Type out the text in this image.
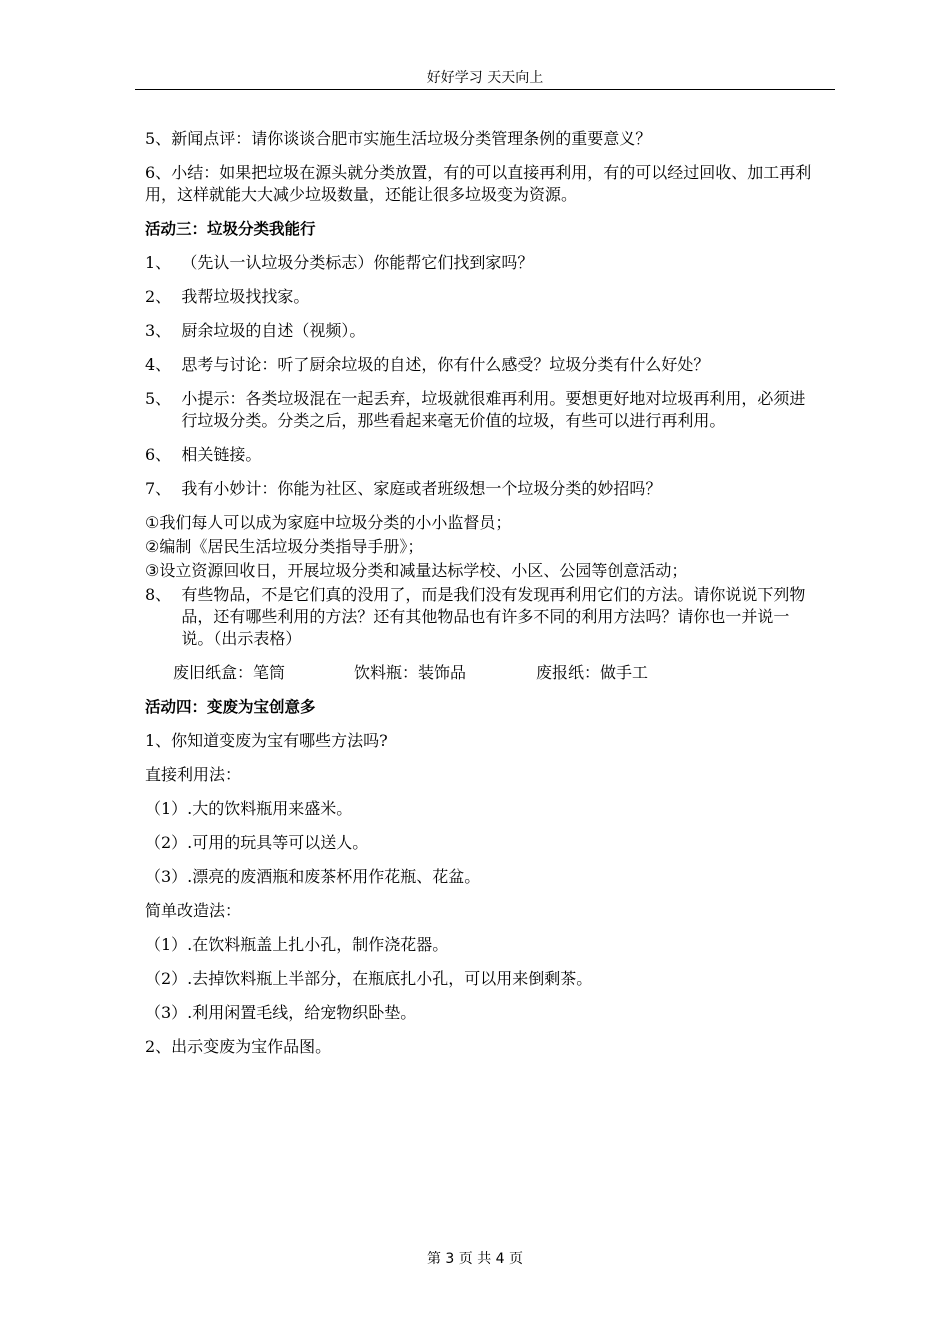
好好学习 天天向上
5、 新闻点评：请你谈谈合肥市实施生活垃圾分类管理条例的重要意义？
6、小结：如果把垃圾在源头就分类放置，有的可以直接再利用，有的可以经过回收、加工再利用，这样就能大大减少垃圾数量，还能让很多垃圾变为资源。
活动三：垃圾分类我能行
1、 （先认一认垃圾分类标志）你能帮它们找到家吗？
2、 我帮垃圾找找家。
3、 厨余垃圾的自述（视频）。
4、 思考与讨论：听了厨余垃圾的自述，你有什么感受？垃圾分类有什么好处？
5、 小提示：各类垃圾混在一起丢弃，垃圾就很难再利用。要想更好地对垃圾再利用，必须进行垃圾分类。分类之后，那些看起来毫无价值的垃圾，有些可以进行再利用。
6、 相关链接。
7、 我有小妙计：你能为社区、家庭或者班级想一个垃圾分类的妙招吗？
① 我们每人可以成为家庭中垃圾分类的小小监督员；
② 编制《居民生活垃圾分类指导手册》；
③ 设立资源回收日，开展垃圾分类和减量达标学校、小区、公园等创意活动；
8、 有些物品，不是它们真的没用了，而是我们没有发现再利用它们的方法。请你说说下列物品，还有哪些利用的方法？还有其他物品也有许多不同的利用方法吗？请你也一并说一说。（出示表格）
废旧纸盒：笔筒	饮料瓶：装饰品	废报纸：做手工
活动四：变废为宝创意多
1、你知道变废为宝有哪些方法吗?
直接利用法：
（1）.大的饮料瓶用来盛米。
（2）.可用的玩具等可以送人。
（3）.漂亮的废酒瓶和废茶杯用作花瓶、花盆。
简单改造法：
（1）.在饮料瓶盖上扎小孔，制作浇花器。
（2）.去掉饮料瓶上半部分，在瓶底扎小孔，可以用来倒剩茶。
（3）.利用闲置毛线，给宠物织卧垫。
2、出示变废为宝作品图。
第 3 页 共 4 页
